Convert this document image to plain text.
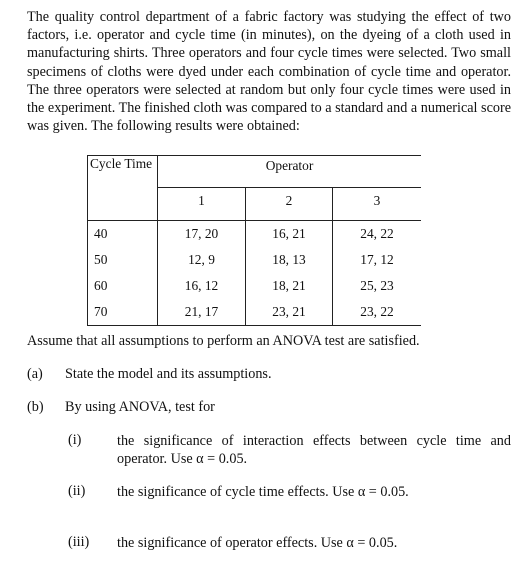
The quality control department of a fabric factory was studying the effect of two factors, i.e. operator and cycle time (in minutes), on the dyeing of a cloth used in manufacturing shirts. Three operators and four cycle times were selected. Two small specimens of cloths were dyed under each combination of cycle time and operator. The three operators were selected at random but only four cycle times were used in the experiment. The finished cloth was compared to a standard and a numerical score was given. The following results were obtained:

Cycle Time	Operator		
	1	2	3
40	17, 20	16, 21	24, 22
50	12, 9	18, 13	17, 12
60	16, 12	18, 21	25, 23
70	21, 17	23, 21	23, 22

Assume that all assumptions to perform an ANOVA test are satisfied.

(a) State the model and its assumptions.
(b) By using ANOVA, test for
(i)	the significance of interaction effects between cycle time and operator. Use α = 0.05.
(ii) the significance of cycle time effects. Use α = 0.05.
(iii) the significance of operator effects. Use α = 0.05.
